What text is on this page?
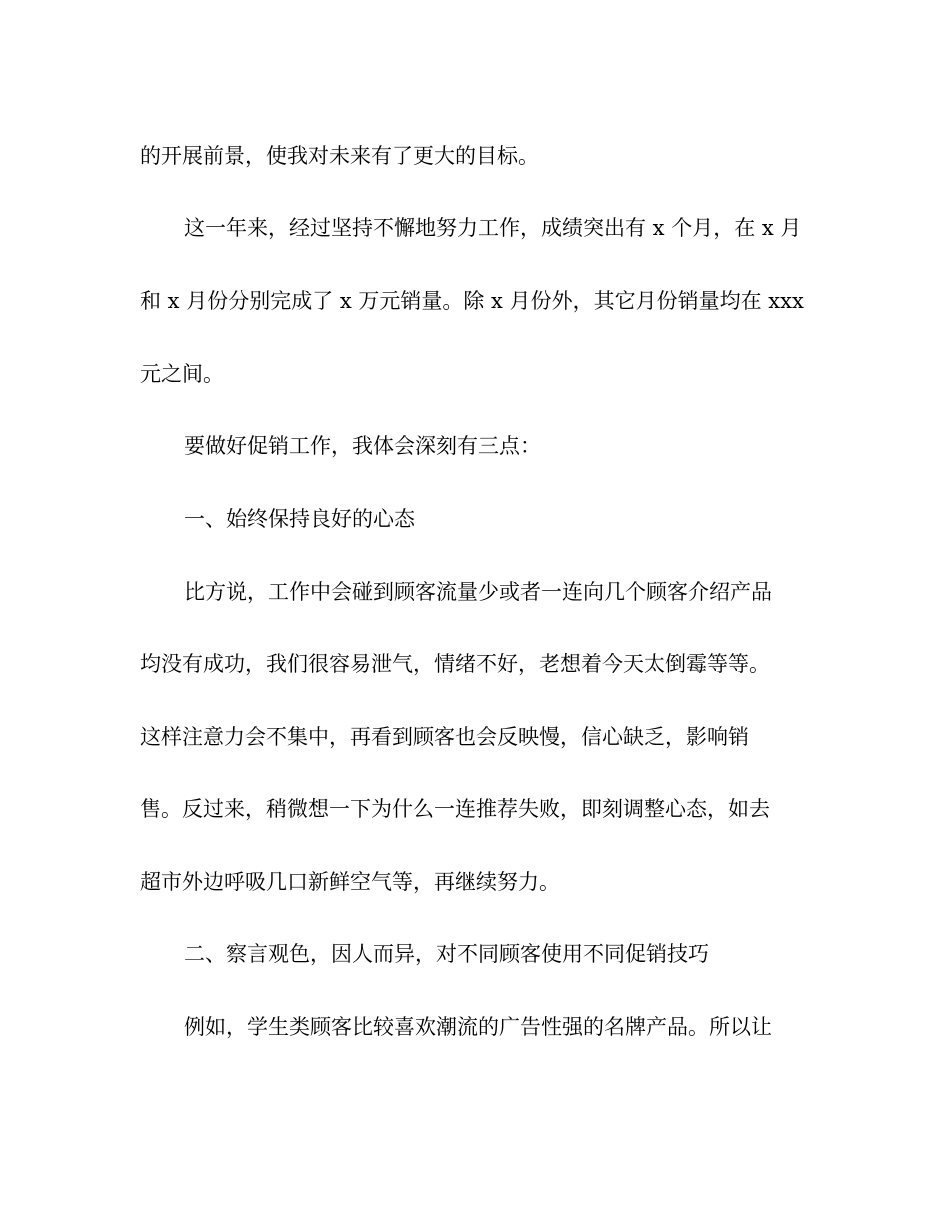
的开展前景，使我对未来有了更大的目标。
这一年来，经过坚持不懈地努力工作，成绩突出有 x 个月，在 x 月
和 x 月份分别完成了 x 万元销量。除 x 月份外，其它月份销量均在 xxx
元之间。
要做好促销工作，我体会深刻有三点：
一、始终保持良好的心态
比方说，工作中会碰到顾客流量少或者一连向几个顾客介绍产品
均没有成功，我们很容易泄气，情绪不好，老想着今天太倒霉等等。
这样注意力会不集中，再看到顾客也会反映慢，信心缺乏，影响销
售。反过来，稍微想一下为什么一连推荐失败，即刻调整心态，如去
超市外边呼吸几口新鲜空气等，再继续努力。
二、察言观色，因人而异，对不同顾客使用不同促销技巧
例如，学生类顾客比较喜欢潮流的广告性强的名牌产品。所以让
